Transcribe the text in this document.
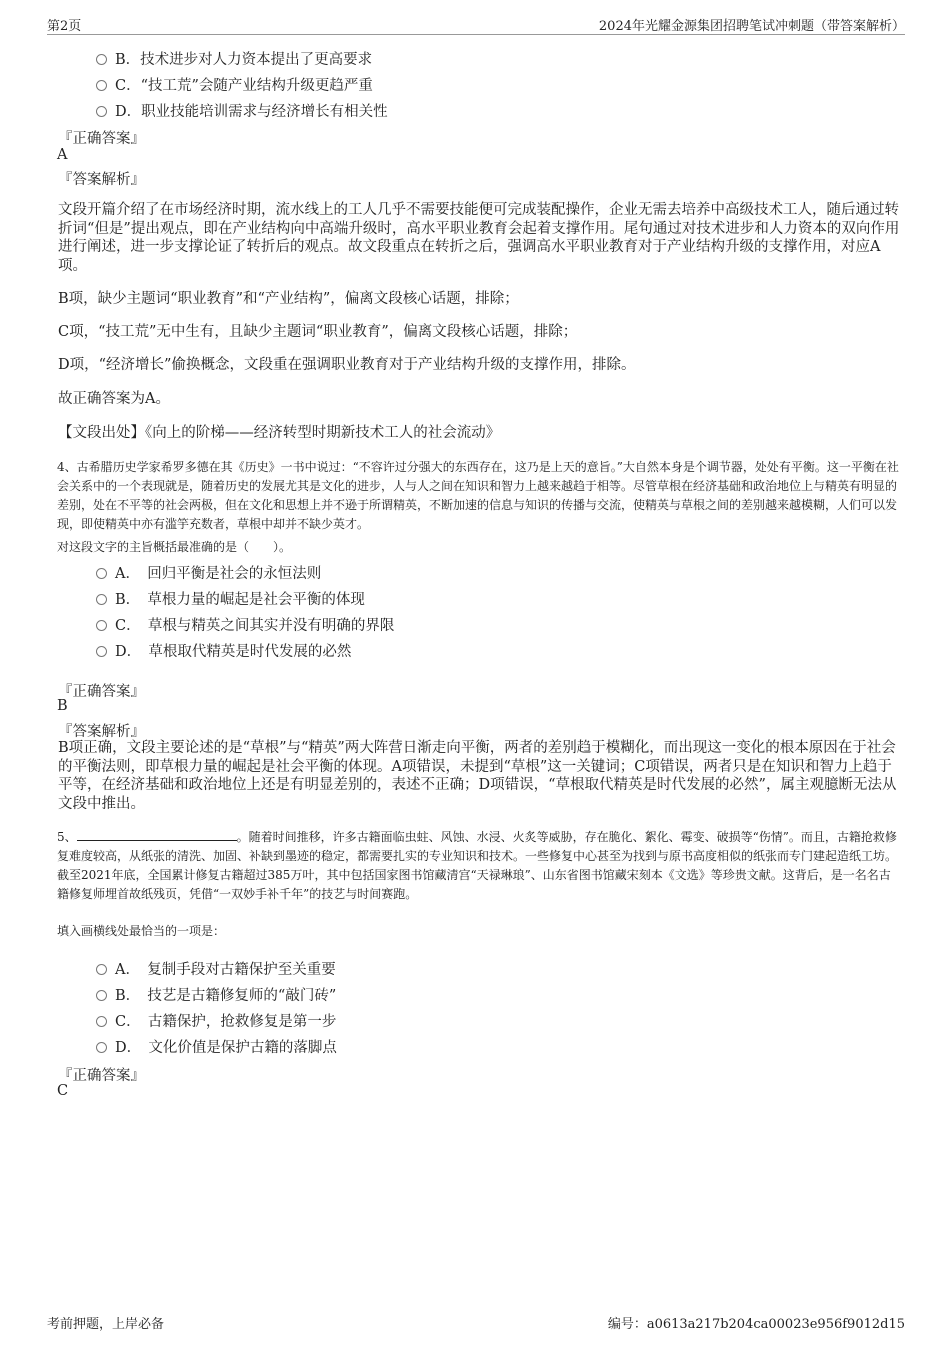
第2页	2024年光耀金源集团招聘笔试冲刺题（带答案解析）
B．技术进步对人力资本提出了更高要求
C．“技工荒”会随产业结构升级更趋严重
D．职业技能培训需求与经济增长有相关性
『正确答案』
A
『答案解析』
文段开篇介绍了在市场经济时期，流水线上的工人几乎不需要技能便可完成装配操作，企业无需去培养中高级技术工人，随后通过转折词“但是”提出观点，即在产业结构向中高端升级时，高水平职业教育会起着支撑作用。尾句通过对技术进步和人力资本的双向作用进行阐述，进一步支撑论证了转折后的观点。故文段重点在转折之后，强调高水平职业教育对于产业结构升级的支撑作用，对应A项。
B项，缺少主题词“职业教育”和“产业结构”，偏离文段核心话题，排除；
C项，“技工荒”无中生有，且缺少主题词“职业教育”，偏离文段核心话题，排除；
D项，“经济增长”偷换概念，文段重在强调职业教育对于产业结构升级的支撑作用，排除。
故正确答案为A。
【文段出处】《向上的阶梯——经济转型时期新技术工人的社会流动》
4、古希腊历史学家希罗多德在其《历史》一书中说过：“不容许过分强大的东西存在，这乃是上天的意旨。”大自然本身是个调节器，处处有平衡。这一平衡在社会关系中的一个表现就是，随着历史的发展尤其是文化的进步，人与人之间在知识和智力上越来越趋于相等。尽管草根在经济基础和政治地位上与精英有明显的差别，处在不平等的社会两极，但在文化和思想上并不逊于所谓精英，不断加速的信息与知识的传播与交流，使精英与草根之间的差别越来越模糊，人们可以发现，即使精英中亦有滥竽充数者，草根中却并不缺少英才。
对这段文字的主旨概括最准确的是（　　）。
A．　回归平衡是社会的永恒法则
B．　草根力量的崛起是社会平衡的体现
C．　草根与精英之间其实并没有明确的界限
D．　草根取代精英是时代发展的必然
『正确答案』
B
『答案解析』
B项正确，文段主要论述的是“草根”与“精英”两大阵营日渐走向平衡，两者的差别趋于模糊化，而出现这一变化的根本原因在于社会的平衡法则，即草根力量的崛起是社会平衡的体现。A项错误，未提到“草根”这一关键词；C项错误，两者只是在知识和智力上趋于平等，在经济基础和政治地位上还是有明显差别的，表述不正确；D项错误，“草根取代精英是时代发展的必然”，属主观臆断无法从文段中推出。
5、	。随着时间推移，许多古籍面临虫蛀、风蚀、水浸、火炙等威胁，存在脆化、絮化、霉变、破损等“伤情”。而且，古籍抢救修复难度较高，从纸张的清洗、加固、补缺到墨迹的稳定，都需要扎实的专业知识和技术。一些修复中心甚至为找到与原书高度相似的纸张而专门建起造纸工坊。截至2021年底，全国累计修复古籍超过385万叶，其中包括国家图书馆藏清宫“天禄琳琅”、山东省图书馆藏宋刻本《文选》等珍贵文献。这背后，是一名名古籍修复师埋首故纸残页，凭借“一双妙手补千年”的技艺与时间赛跑。
填入画横线处最恰当的一项是：
A．　复制手段对古籍保护至关重要
B．　技艺是古籍修复师的“敲门砖”
C．　古籍保护，抢救修复是第一步
D．　文化价值是保护古籍的落脚点
『正确答案』
C
考前押题，上岸必备	编号：a0613a217b204ca00023e956f9012d15
